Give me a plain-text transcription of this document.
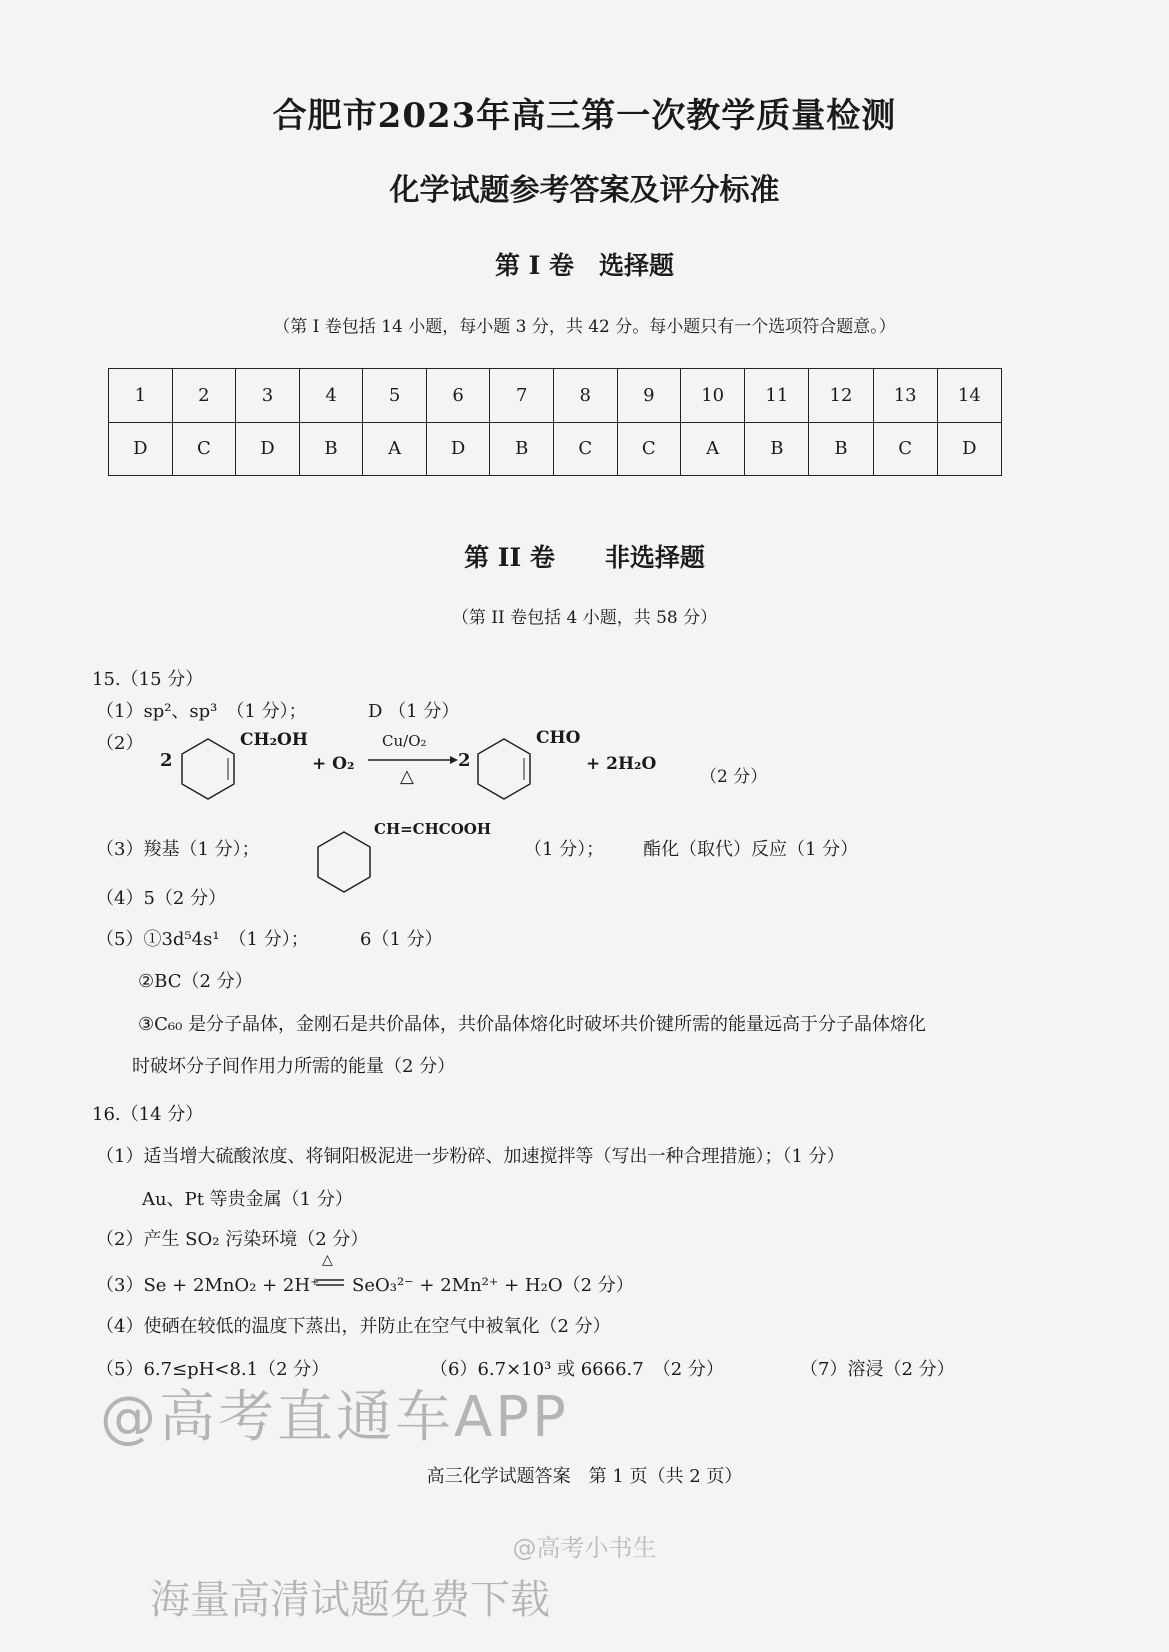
合肥市2023年高三第一次教学质量检测
化学试题参考答案及评分标准
第 I 卷　选择题
（第 I 卷包括 14 小题，每小题 3 分，共 42 分。每小题只有一个选项符合题意。）
1	2	3	4	5	6	7	8	9	10	11	12	13	14
D	C	D	B	A	D	B	C	C	A	B	B	C	D
第 II 卷　　非选择题
（第 II 卷包括 4 小题，共 58 分）
15.（15 分）
（1）sp²、sp³　（1 分）；	D （1 分）
（2）
2
CH₂OH
+ O₂
Cu/O₂
△
2
CHO
+ 2H₂O
（2 分）
（3）羧基（1 分）；
CH=CHCOOH
（1 分）； 酯化（取代）反应（1 分）
（4）5（2 分）
（5）①3d⁵4s¹　（1 分）；	6（1 分）
②BC（2 分）
③C₆₀ 是分子晶体，金刚石是共价晶体，共价晶体熔化时破坏共价键所需的能量远高于分子晶体熔化
时破坏分子间作用力所需的能量（2 分）
16.（14 分）
（1）适当增大硫酸浓度、将铜阳极泥进一步粉碎、加速搅拌等（写出一种合理措施）；（1 分）
Au、Pt 等贵金属（1 分）
（2）产生 SO₂ 污染环境（2 分）
（3）Se + 2MnO₂ + 2H⁺
△
SeO₃²⁻ + 2Mn²⁺ + H₂O（2 分）
（4）使硒在较低的温度下蒸出，并防止在空气中被氧化（2 分）
（5）6.7≤pH<8.1（2 分）	（6）6.7×10³ 或 6666.7　（2 分）	（7）溶浸（2 分）
高三化学试题答案　第 1 页（共 2 页）
@高考小书生
@高考直通车APP
海量高清试题免费下载
